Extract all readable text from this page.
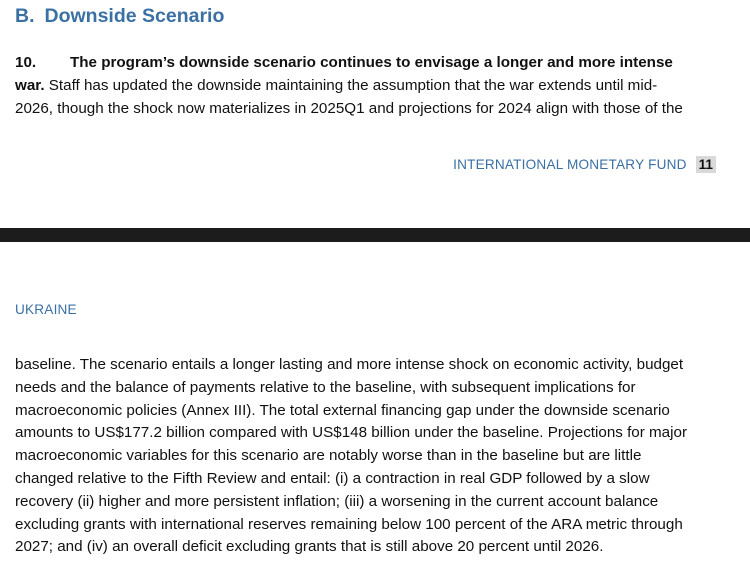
B. Downside Scenario
10. The program’s downside scenario continues to envisage a longer and more intense
war. Staff has updated the downside maintaining the assumption that the war extends until mid-
2026, though the shock now materializes in 2025Q1 and projections for 2024 align with those of the
INTERNATIONAL MONETARY FUND 11
UKRAINE
baseline. The scenario entails a longer lasting and more intense shock on economic activity, budget
needs and the balance of payments relative to the baseline, with subsequent implications for
macroeconomic policies (Annex III). The total external financing gap under the downside scenario
amounts to US$177.2 billion compared with US$148 billion under the baseline. Projections for major
macroeconomic variables for this scenario are notably worse than in the baseline but are little
changed relative to the Fifth Review and entail: (i) a contraction in real GDP followed by a slow
recovery (ii) higher and more persistent inflation; (iii) a worsening in the current account balance
excluding grants with international reserves remaining below 100 percent of the ARA metric through
2027; and (iv) an overall deficit excluding grants that is still above 20 percent until 2026.
